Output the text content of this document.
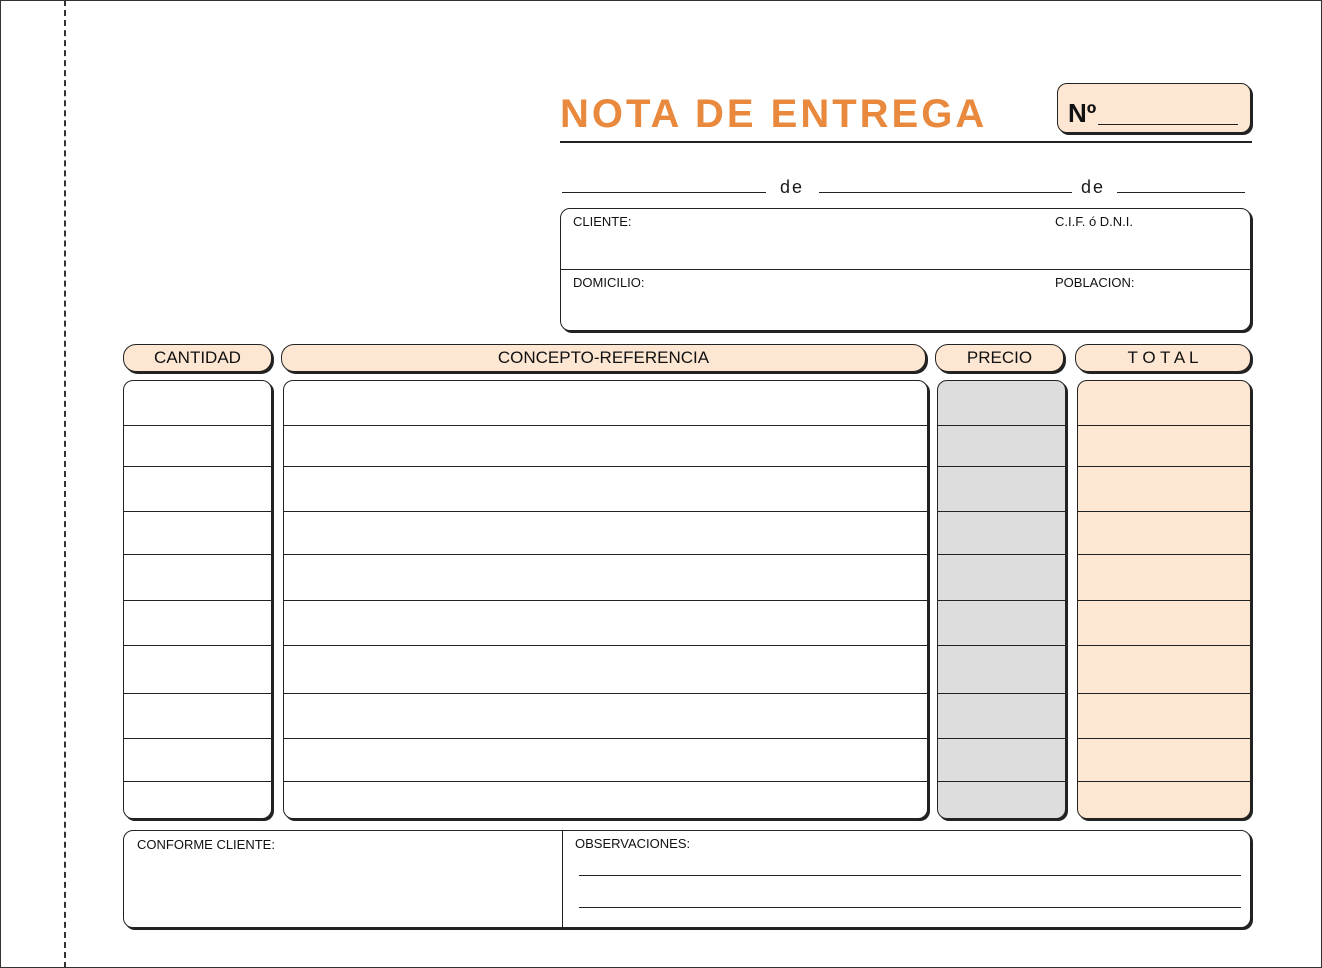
NOTA DE ENTREGA	Nº
de	de
CLIENTE:	C.I.F. ó D.N.I.
DOMICILIO:	POBLACION:
CANTIDAD	CONCEPTO-REFERENCIA	PRECIO	T O T A L
CONFORME CLIENTE:	OBSERVACIONES:
